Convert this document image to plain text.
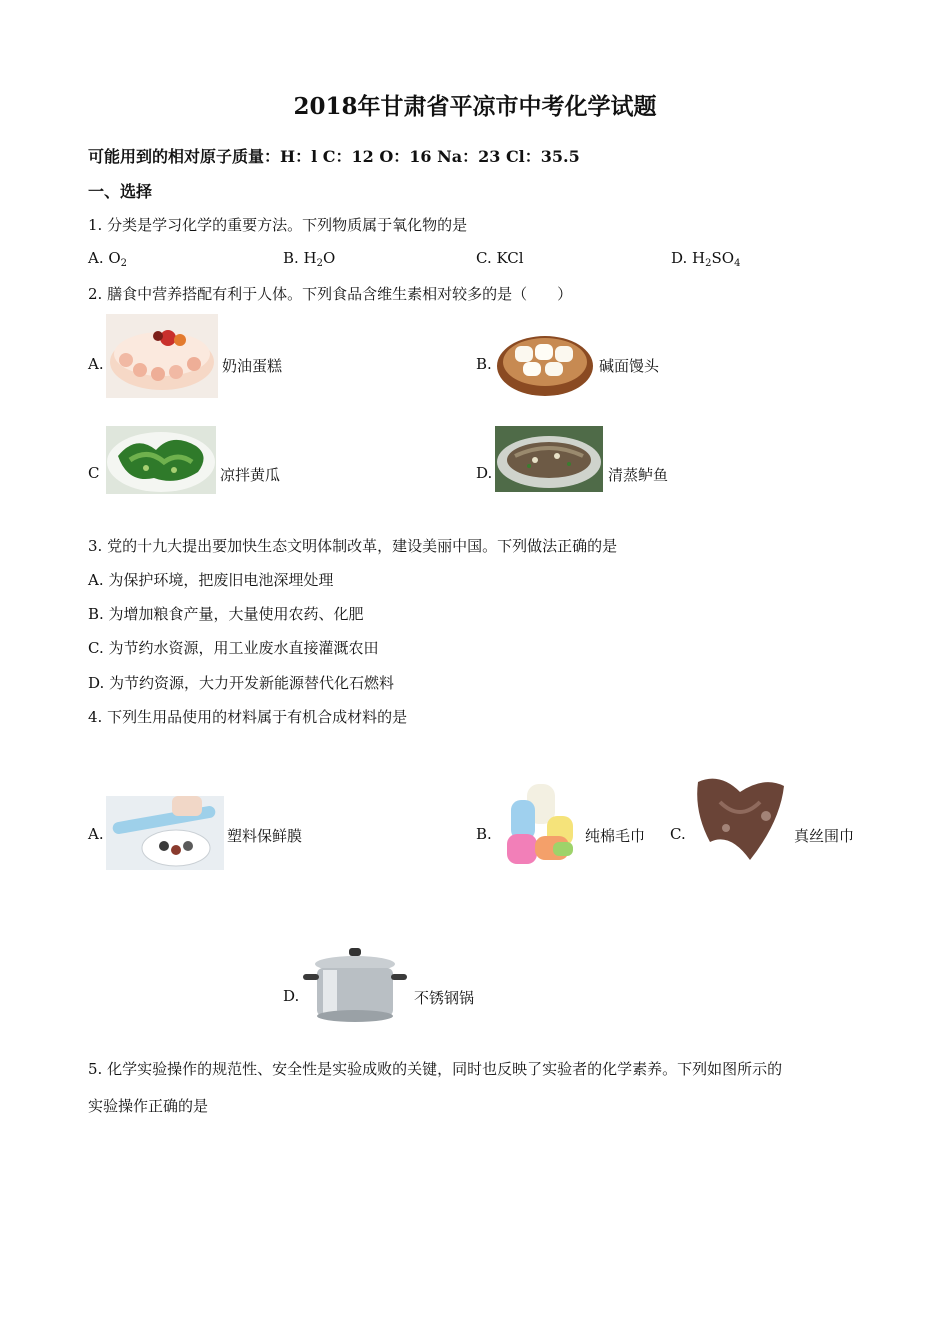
2018年甘肃省平凉市中考化学试题
可能用到的相对原子质量：H：l C：12 O：16 Na：23 Cl：35.5
一、选择
1. 分类是学习化学的重要方法。下列物质属于氧化物的是
A. $O_2$	B. $H_2O$	C. KCl	D. $H_2SO_4$
2. 膳食中营养搭配有利于人体。下列食品含维生素相对较多的是（　　）
A.	奶油蛋糕	B.	碱面馒头
C	凉拌黄瓜	D.	清蒸鲈鱼
3. 党的十九大提出要加快生态文明体制改革，建设美丽中国。下列做法正确的是
A. 为保护环境，把废旧电池深埋处理
B. 为增加粮食产量，大量使用农药、化肥
C. 为节约水资源，用工业废水直接灌溉农田
D. 为节约资源，大力开发新能源替代化石燃料
4. 下列生用品使用的材料属于有机合成材料的是
A.	塑料保鲜膜	B.	纯棉毛巾 C.	真丝围巾
D.	不锈钢锅
5. 化学实验操作的规范性、安全性是实验成败的关键，同时也反映了实验者的化学素养。下列如图所示的
实验操作正确的是
